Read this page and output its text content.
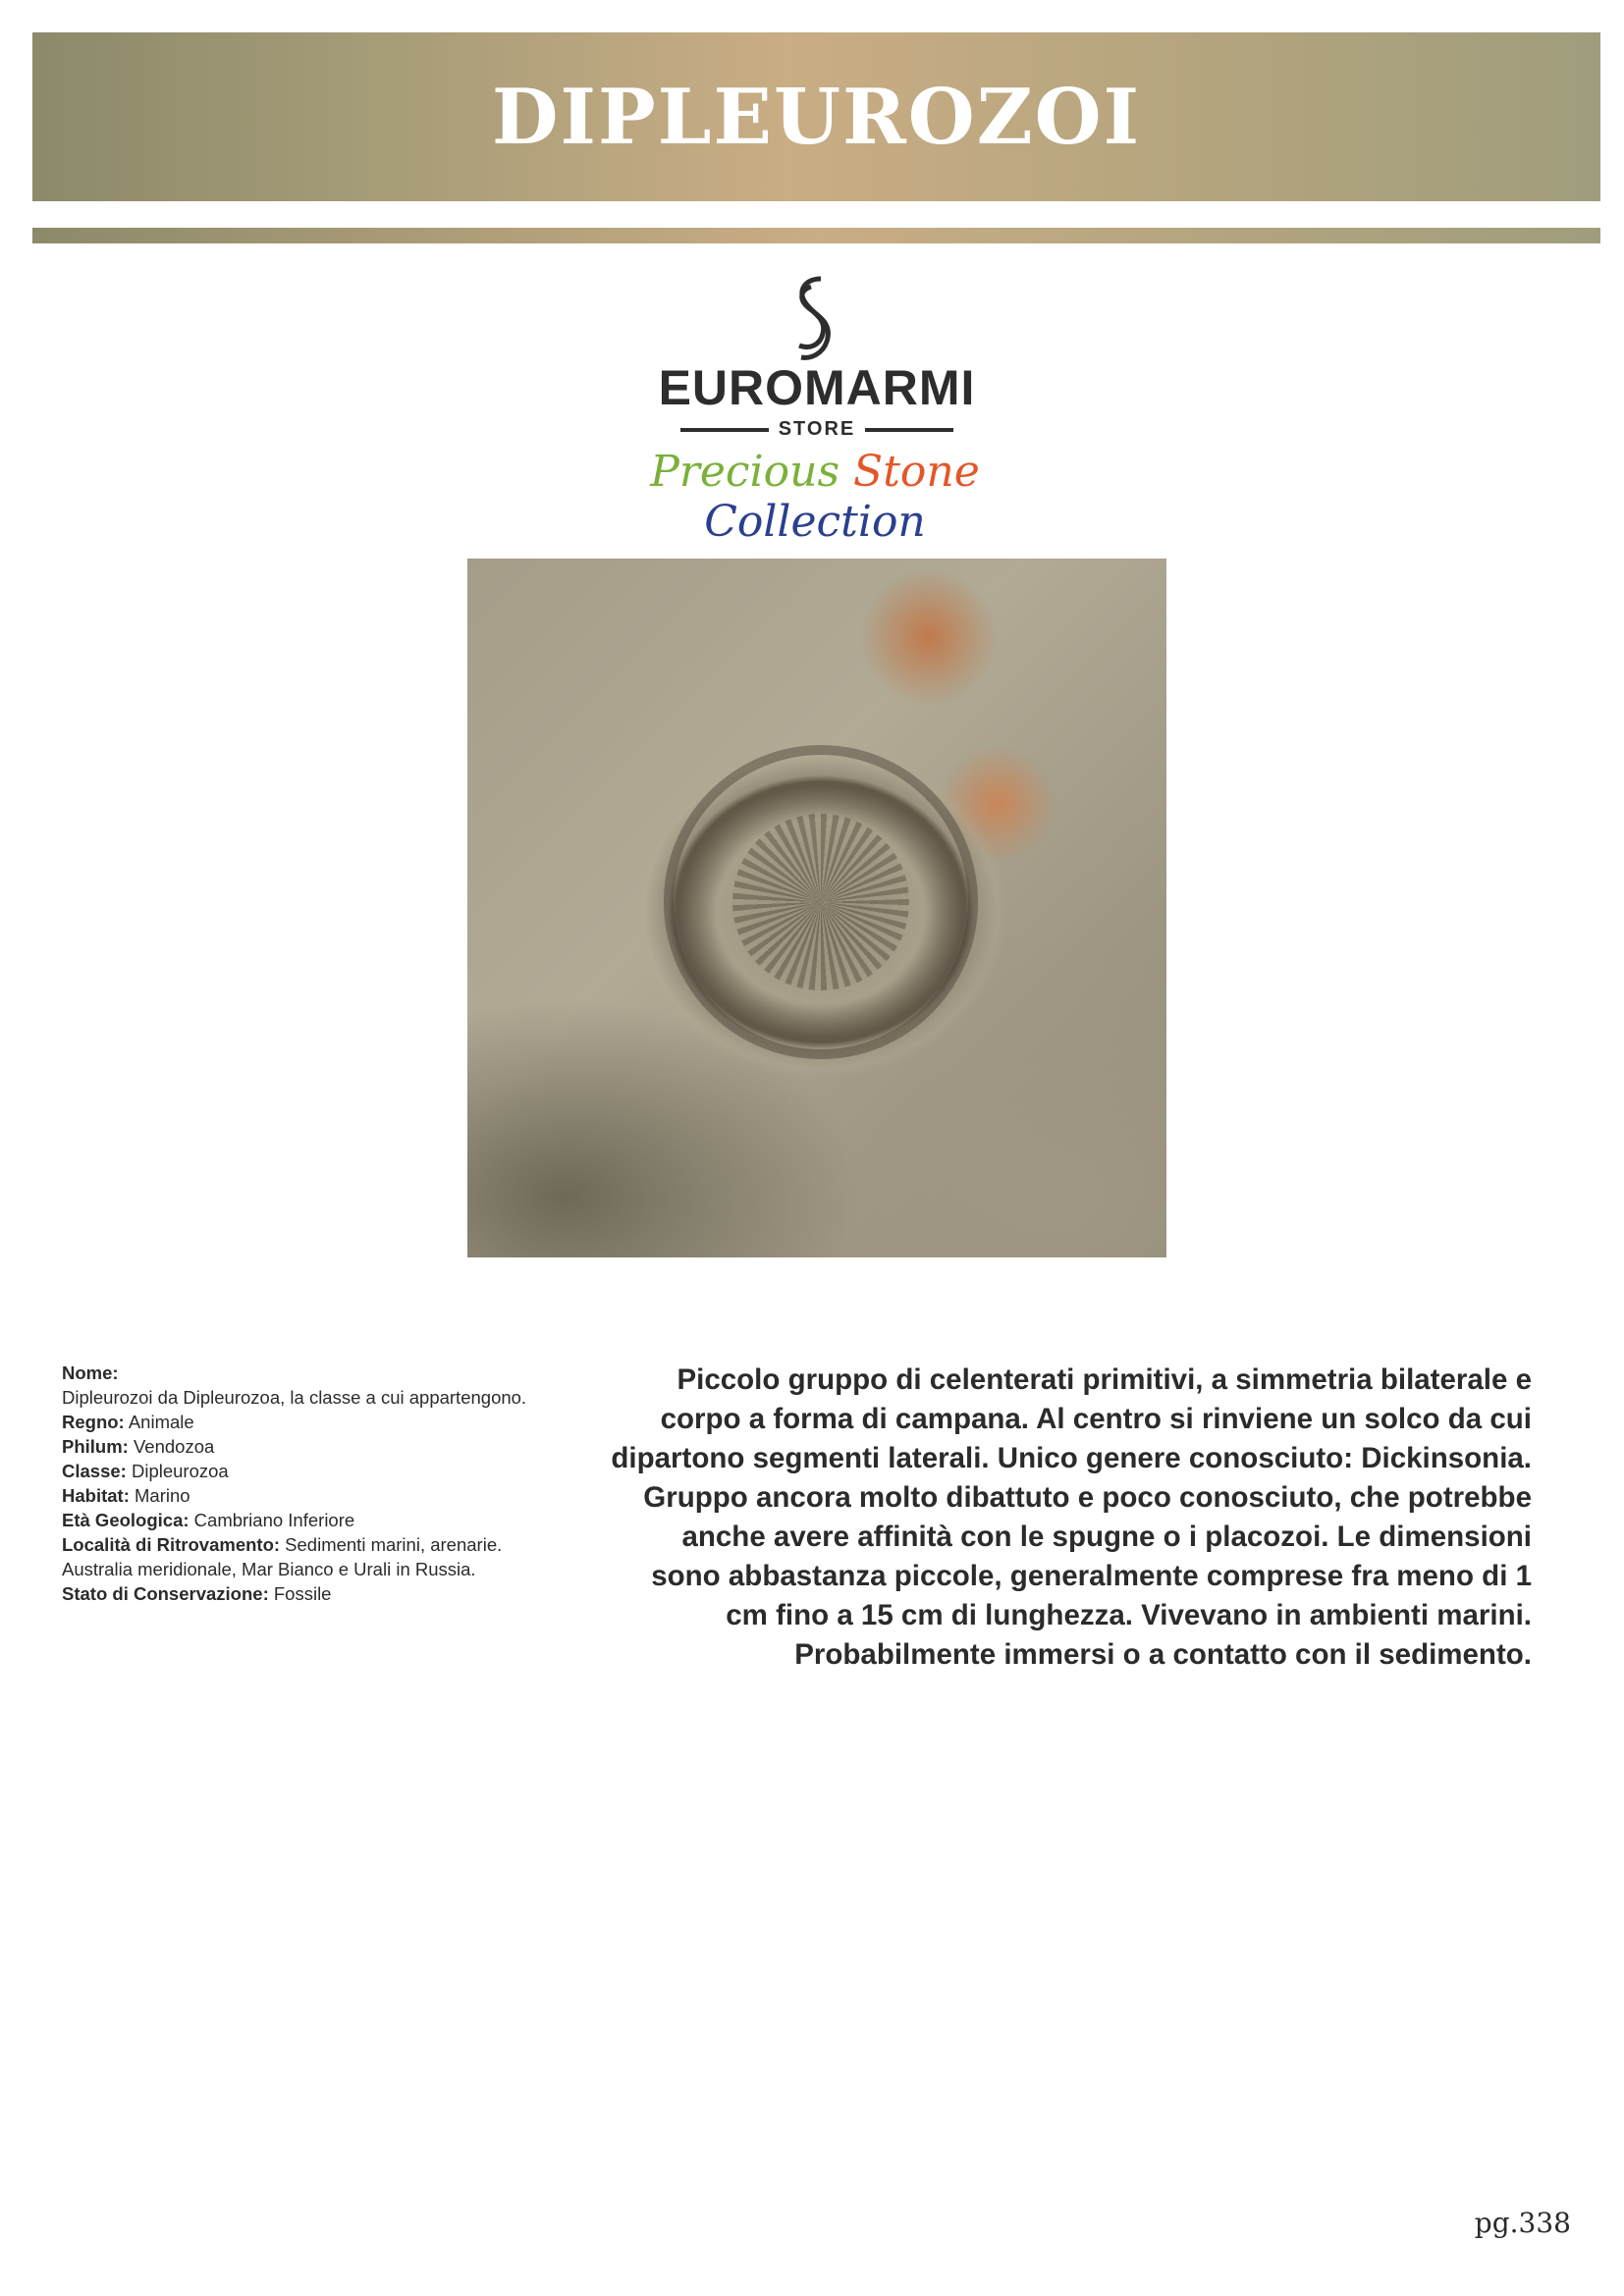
DIPLEUROZOI
EUROMARMI
STORE
Precious Stone Collection
Nome:
Dipleurozoi da Dipleurozoa, la classe a cui appartengono.
Regno: Animale
Philum: Vendozoa
Classe: Dipleurozoa
Habitat: Marino
Età Geologica: Cambriano Inferiore
Località di Ritrovamento: Sedimenti marini, arenarie. Australia meridionale, Mar Bianco e Urali in Russia.
Stato di Conservazione: Fossile
Piccolo gruppo di celenterati primitivi, a simmetria bilaterale e corpo a forma di campana. Al centro si rinviene un solco da cui dipartono segmenti laterali. Unico genere conosciuto: Dickinsonia. Gruppo ancora molto dibattuto e poco conosciuto, che potrebbe anche avere affinità con le spugne o i placozoi. Le dimensioni sono abbastanza piccole, generalmente comprese fra meno di 1 cm fino a 15 cm di lunghezza. Vivevano in ambienti marini. Probabilmente immersi o a contatto con il sedimento.
pg.338
